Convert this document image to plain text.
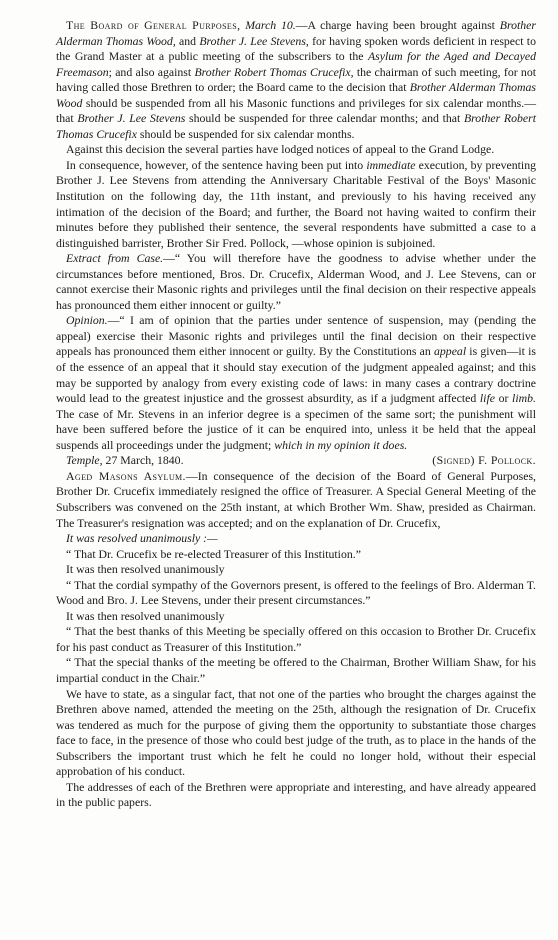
The Board of General Purposes, March 10.—A charge having been brought against Brother Alderman Thomas Wood, and Brother J. Lee Stevens, for having spoken words deficient in respect to the Grand Master at a public meeting of the subscribers to the Asylum for the Aged and Decayed Freemason; and also against Brother Robert Thomas Crucefix, the chairman of such meeting, for not having called those Brethren to order; the Board came to the decision that Brother Alderman Thomas Wood should be suspended from all his Masonic functions and privileges for six calendar months.—that Brother J. Lee Stevens should be suspended for three calendar months; and that Brother Robert Thomas Crucefix should be suspended for six calendar months.

Against this decision the several parties have lodged notices of appeal to the Grand Lodge.

In consequence, however, of the sentence having been put into immediate execution, by preventing Brother J. Lee Stevens from attending the Anniversary Charitable Festival of the Boys' Masonic Institution on the following day, the 11th instant, and previously to his having received any intimation of the decision of the Board; and further, the Board not having waited to confirm their minutes before they published their sentence, the several respondents have submitted a case to a distinguished barrister, Brother Sir Fred. Pollock, —whose opinion is subjoined.

Extract from Case.—“ You will therefore have the goodness to advise whether under the circumstances before mentioned, Bros. Dr. Crucefix, Alderman Wood, and J. Lee Stevens, can or cannot exercise their Masonic rights and privileges until the final decision on their respective appeals has pronounced them either innocent or guilty.”

Opinion.—“ I am of opinion that the parties under sentence of suspension, may (pending the appeal) exercise their Masonic rights and privileges until the final decision on their respective appeals has pronounced them either innocent or guilty. By the Constitutions an appeal is given—it is of the essence of an appeal that it should stay execution of the judgment appealed against; and this may be supported by analogy from every existing code of laws: in many cases a contrary doctrine would lead to the greatest injustice and the grossest absurdity, as if a judgment affected life or limb. The case of Mr. Stevens in an inferior degree is a specimen of the same sort; the punishment will have been suffered before the justice of it can be enquired into, unless it be held that the appeal suspends all proceedings under the judgment; which in my opinion it does.

Temple, 27 March, 1840.	(Signed) F. Pollock.

Aged Masons Asylum.—In consequence of the decision of the Board of General Purposes, Brother Dr. Crucefix immediately resigned the office of Treasurer. A Special General Meeting of the Subscribers was convened on the 25th instant, at which Brother Wm. Shaw, presided as Chairman. The Treasurer's resignation was accepted; and on the explanation of Dr. Crucefix,

It was resolved unanimously :—

“ That Dr. Crucefix be re-elected Treasurer of this Institution.”

It was then resolved unanimously

“ That the cordial sympathy of the Governors present, is offered to the feelings of Bro. Alderman T. Wood and Bro. J. Lee Stevens, under their present circumstances.”

It was then resolved unanimously

“ That the best thanks of this Meeting be specially offered on this occasion to Brother Dr. Crucefix for his past conduct as Treasurer of this Institution.”

“ That the special thanks of the meeting be offered to the Chairman, Brother William Shaw, for his impartial conduct in the Chair.”

We have to state, as a singular fact, that not one of the parties who brought the charges against the Brethren above named, attended the meeting on the 25th, although the resignation of Dr. Crucefix was tendered as much for the purpose of giving them the opportunity to substantiate those charges face to face, in the presence of those who could best judge of the truth, as to place in the hands of the Subscribers the important trust which he felt he could no longer hold, without their especial approbation of his conduct.

The addresses of each of the Brethren were appropriate and interesting, and have already appeared in the public papers.
